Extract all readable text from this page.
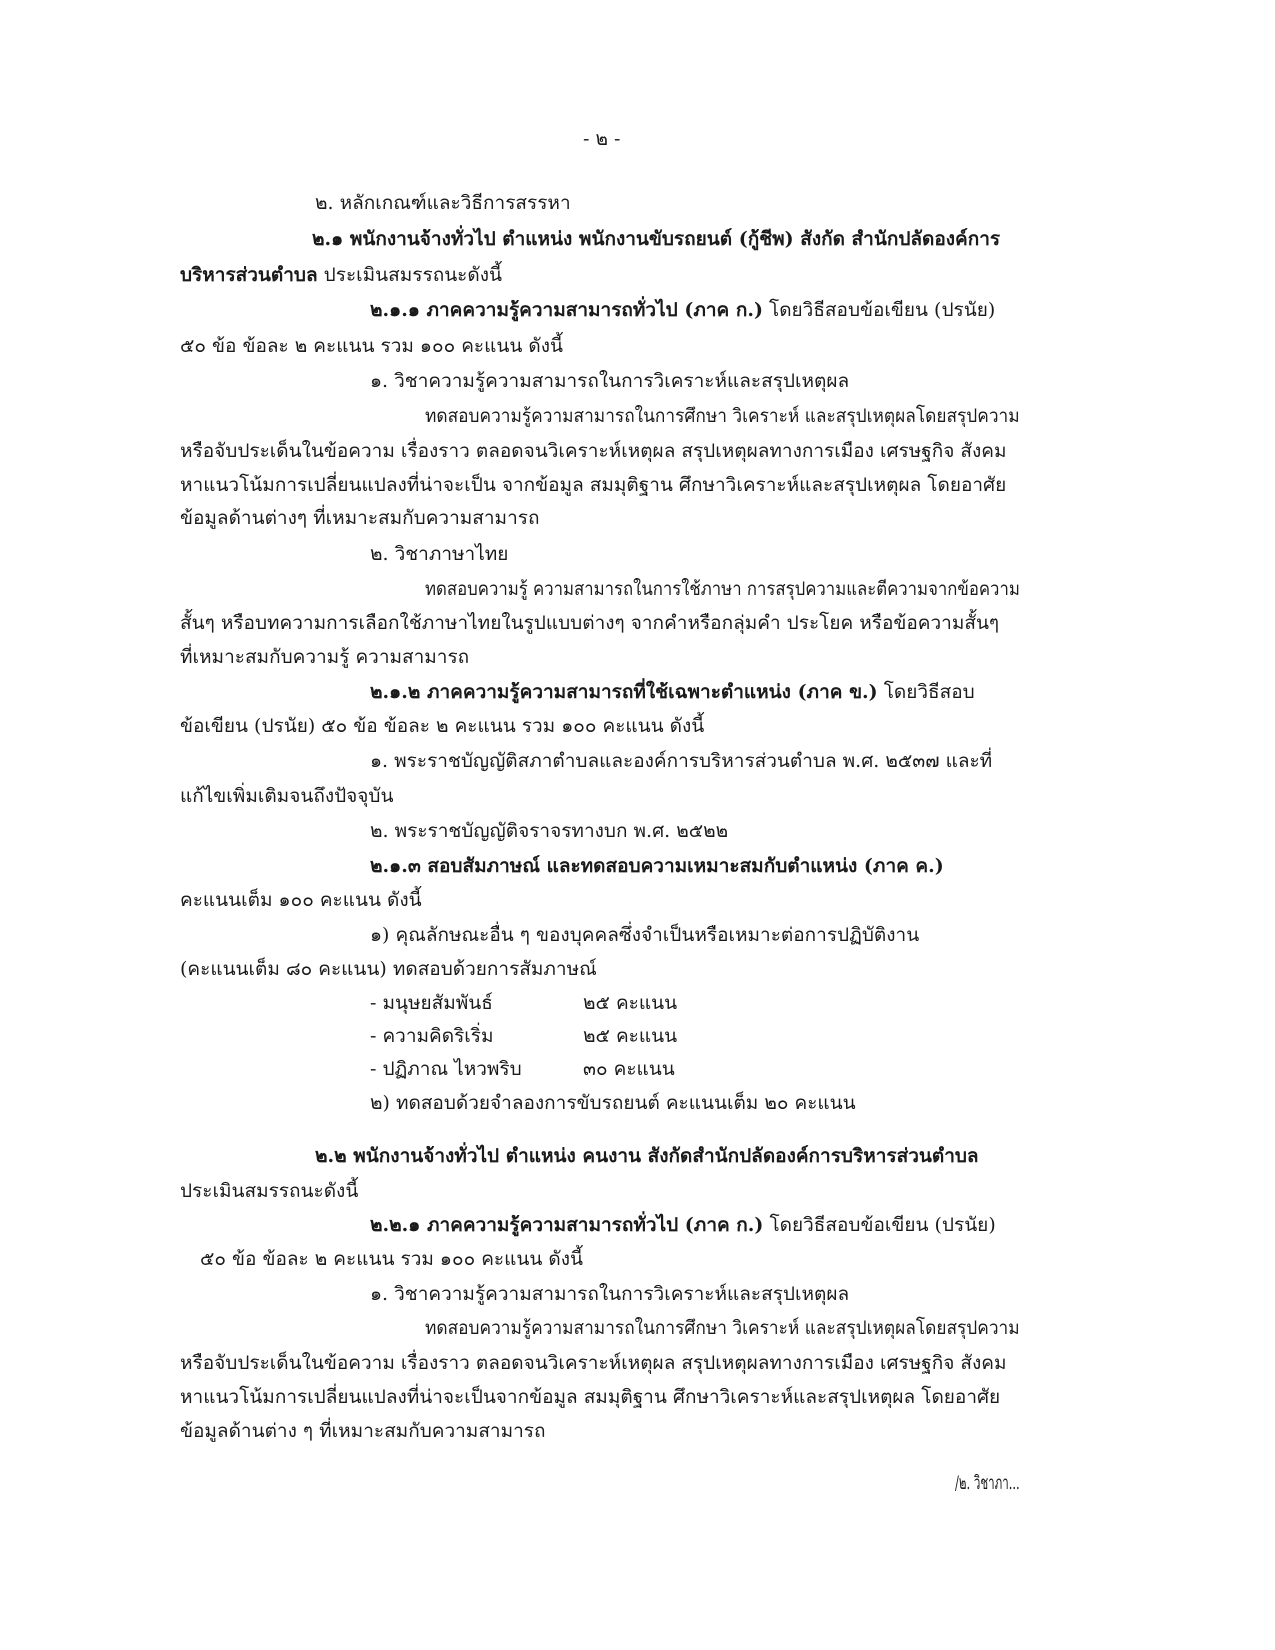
- ๒ -
๒. หลักเกณฑ์และวิธีการสรรหา
๒.๑ พนักงานจ้างทั่วไป ตำแหน่ง พนักงานขับรถยนต์ (กู้ชีพ) สังกัด สำนักปลัดองค์การ
บริหารส่วนตำบล ประเมินสมรรถนะดังนี้
๒.๑.๑ ภาคความรู้ความสามารถทั่วไป (ภาค ก.) โดยวิธีสอบข้อเขียน (ปรนัย)
๕๐ ข้อ ข้อละ ๒ คะแนน รวม ๑๐๐ คะแนน ดังนี้
๑. วิชาความรู้ความสามารถในการวิเคราะห์และสรุปเหตุผล
ทดสอบความรู้ความสามารถในการศึกษา วิเคราะห์ และสรุปเหตุผลโดยสรุปความ
หรือจับประเด็นในข้อความ เรื่องราว ตลอดจนวิเคราะห์เหตุผล สรุปเหตุผลทางการเมือง เศรษฐกิจ สังคม
หาแนวโน้มการเปลี่ยนแปลงที่น่าจะเป็น จากข้อมูล สมมุติฐาน ศึกษาวิเคราะห์และสรุปเหตุผล โดยอาศัย
ข้อมูลด้านต่างๆ ที่เหมาะสมกับความสามารถ
๒. วิชาภาษาไทย
ทดสอบความรู้ ความสามารถในการใช้ภาษา การสรุปความและตีความจากข้อความ
สั้นๆ หรือบทความการเลือกใช้ภาษาไทยในรูปแบบต่างๆ จากคำหรือกลุ่มคำ ประโยค หรือข้อความสั้นๆ
ที่เหมาะสมกับความรู้ ความสามารถ
๒.๑.๒ ภาคความรู้ความสามารถที่ใช้เฉพาะตำแหน่ง (ภาค ข.) โดยวิธีสอบ
ข้อเขียน (ปรนัย) ๕๐ ข้อ ข้อละ ๒ คะแนน รวม ๑๐๐ คะแนน ดังนี้
๑. พระราชบัญญัติสภาตำบลและองค์การบริหารส่วนตำบล พ.ศ. ๒๕๓๗ และที่
แก้ไขเพิ่มเติมจนถึงปัจจุบัน
๒. พระราชบัญญัติจราจรทางบก พ.ศ. ๒๕๒๒
๒.๑.๓ สอบสัมภาษณ์ และทดสอบความเหมาะสมกับตำแหน่ง (ภาค ค.)
คะแนนเต็ม ๑๐๐ คะแนน ดังนี้
๑) คุณลักษณะอื่น ๆ ของบุคคลซึ่งจำเป็นหรือเหมาะต่อการปฏิบัติงาน
(คะแนนเต็ม ๘๐ คะแนน) ทดสอบด้วยการสัมภาษณ์
- มนุษยสัมพันธ์	๒๕ คะแนน
- ความคิดริเริ่ม	๒๕ คะแนน
- ปฏิภาณ ไหวพริบ	๓๐ คะแนน
๒) ทดสอบด้วยจำลองการขับรถยนต์ คะแนนเต็ม ๒๐ คะแนน
๒.๒ พนักงานจ้างทั่วไป ตำแหน่ง คนงาน สังกัดสำนักปลัดองค์การบริหารส่วนตำบล
ประเมินสมรรถนะดังนี้
๒.๒.๑ ภาคความรู้ความสามารถทั่วไป (ภาค ก.) โดยวิธีสอบข้อเขียน (ปรนัย)
๕๐ ข้อ ข้อละ ๒ คะแนน รวม ๑๐๐ คะแนน ดังนี้
๑. วิชาความรู้ความสามารถในการวิเคราะห์และสรุปเหตุผล
ทดสอบความรู้ความสามารถในการศึกษา วิเคราะห์ และสรุปเหตุผลโดยสรุปความ
หรือจับประเด็นในข้อความ เรื่องราว ตลอดจนวิเคราะห์เหตุผล สรุปเหตุผลทางการเมือง เศรษฐกิจ สังคม
หาแนวโน้มการเปลี่ยนแปลงที่น่าจะเป็นจากข้อมูล สมมุติฐาน ศึกษาวิเคราะห์และสรุปเหตุผล โดยอาศัย
ข้อมูลด้านต่าง ๆ ที่เหมาะสมกับความสามารถ
/๒. วิชาภา...
